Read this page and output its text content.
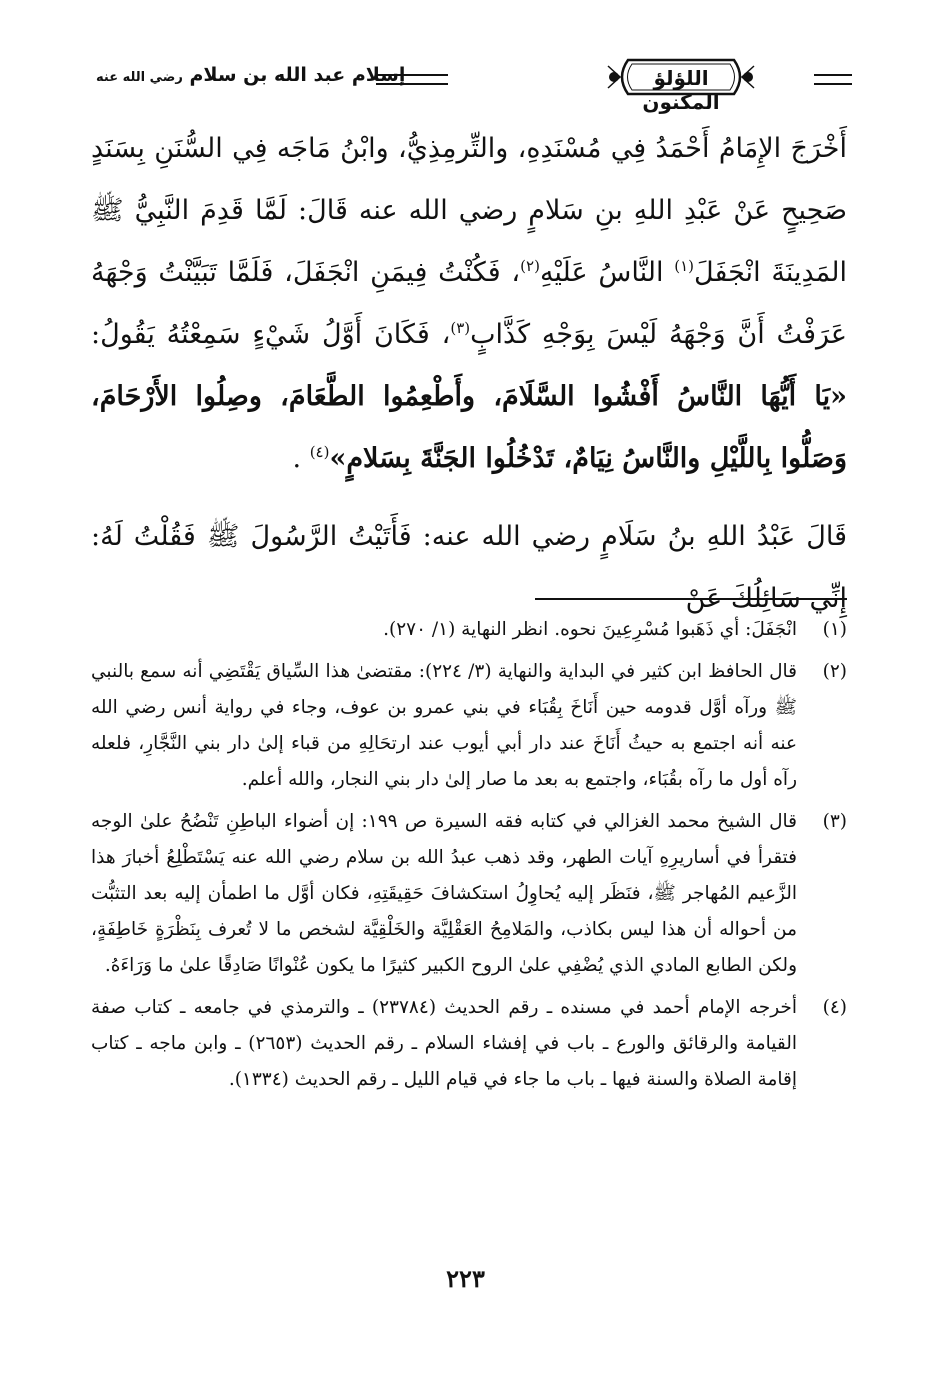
اللؤلؤ المكنون
إسلام عبد الله بن سلام رضي الله عنه

أَخْرَجَ الإِمَامُ أَحْمَدُ فِي مُسْنَدِهِ، والتِّرمِذِيُّ، وابْنُ مَاجَه فِي السُّنَنِ بِسَنَدٍ صَحِيحٍ عَنْ عَبْدِ اللهِ بنِ سَلامٍ رضي الله عنه قَالَ: لَمَّا قَدِمَ النَّبِيُّ ﷺ المَدِينَةَ انْجَفَلَ$^{(١)}$ النَّاسُ عَلَيْهِ$^{(٢)}$، فَكُنْتُ فِيمَنِ انْجَفَلَ، فَلَمَّا تَبَيَّنْتُ وَجْهَهُ عَرَفْتُ أَنَّ وَجْهَهُ لَيْسَ بِوَجْهِ كَذَّابٍ$^{(٣)}$، فَكَانَ أَوَّلُ شَيْءٍ سَمِعْتُهُ يَقُولُ: «يَا أَيُّهَا النَّاسُ أَفْشُوا السَّلَامَ، وأَطْعِمُوا الطَّعَامَ، وصِلُوا الأَرْحَامَ، وَصَلُّوا بِاللَّيْلِ والنَّاسُ نِيَامٌ، تَدْخُلُوا الجَنَّةَ بِسَلامٍ»$^{(٤)}$ .

قَالَ عَبْدُ اللهِ بنُ سَلَامٍ رضي الله عنه: فَأَتَيْتُ الرَّسُولَ ﷺ فَقُلْتُ لَهُ: إِنِّي سَائِلُكَ عَنْ

(١)
انْجَفَلَ: أي ذَهَبوا مُسْرِعِينَ نحوه. انظر النهاية (١/ ٢٧٠).
(٢)
قال الحافظ ابن كثير في البداية والنهاية (٣/ ٢٢٤): مقتضىٰ هذا السِّياق يَقْتَضِي أنه سمع بالنبي ﷺ ورآه أوَّل قدومه حين أَنَاخَ بِقُبَاء في بني عمرو بن عوف، وجاء في رواية أنس رضي الله عنه أنه اجتمع به حيثُ أَنَاخَ عند دار أبي أيوب عند ارتحَالِهِ من قباء إلىٰ دار بني النَّجَّارِ، فلعله رآه أول ما رآه بقُبَاء، واجتمع به بعد ما صار إلىٰ دار بني النجار، والله أعلم.
(٣)
قال الشيخ محمد الغزالي في كتابه فقه السيرة ص ١٩٩: إن أضواء الباطِنِ تَنْضُحُ علىٰ الوجه فتقرأ في أساريرِهِ آيات الطهر، وقد ذهب عبدُ الله بن سلام رضي الله عنه يَسْتَطْلِعُ أخبارَ هذا الزَّعيم المُهاجر ﷺ، فنَظَر إليه يُحاوِلُ استكشافَ حَقِيقَتِهِ، فكان أوَّل ما اطمأن إليه بعد التثبُّت من أحواله أن هذا ليس بكاذب، والمَلامِحُ العَقْلِيَّة والخَلْقِيَّة لشخص ما لا تُعرف بِنَظْرَةٍ خَاطِفَةٍ، ولكن الطابع المادي الذي يُضْفِي علىٰ الروح الكبير كثيرًا ما يكون عُنْوانًا صَادِقًا علىٰ ما وَرَاءَهُ.
(٤)
أخرجه الإمام أحمد في مسنده ـ رقم الحديث (٢٣٧٨٤) ـ والترمذي في جامعه ـ كتاب صفة القيامة والرقائق والورع ـ باب في إفشاء السلام ـ رقم الحديث (٢٦٥٣) ـ وابن ماجه ـ كتاب إقامة الصلاة والسنة فيها ـ باب ما جاء في قيام الليل ـ رقم الحديث (١٣٣٤).
٢٢٣
